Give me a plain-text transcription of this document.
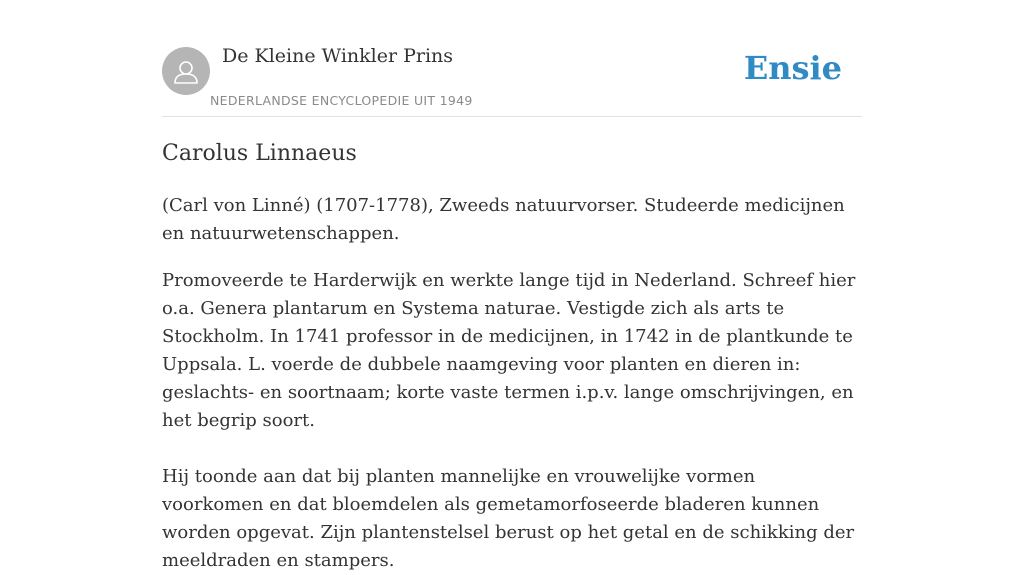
De Kleine Winkler Prins
NEDERLANDSE ENCYCLOPEDIE UIT 1949
Ensie
Carolus Linnaeus

(Carl von Linné) (1707-1778), Zweeds natuurvorser. Studeerde medicijnen en natuurwetenschappen.

Promoveerde te Harderwijk en werkte lange tijd in Nederland. Schreef hier o.a. Genera plantarum en Systema naturae. Vestigde zich als arts te Stockholm. In 1741 professor in de medicijnen, in 1742 in de plantkunde te Uppsala. L. voerde de dubbele naamgeving voor planten en dieren in: geslachts- en soortnaam; korte vaste termen i.p.v. lange omschrijvingen, en het begrip soort.

Hij toonde aan dat bij planten mannelijke en vrouwelijke vormen voorkomen en dat bloemdelen als gemetamorfoseerde bladeren kunnen worden opgevat. Zijn plantenstelsel berust op het getal en de schikking der meeldraden en stampers.
